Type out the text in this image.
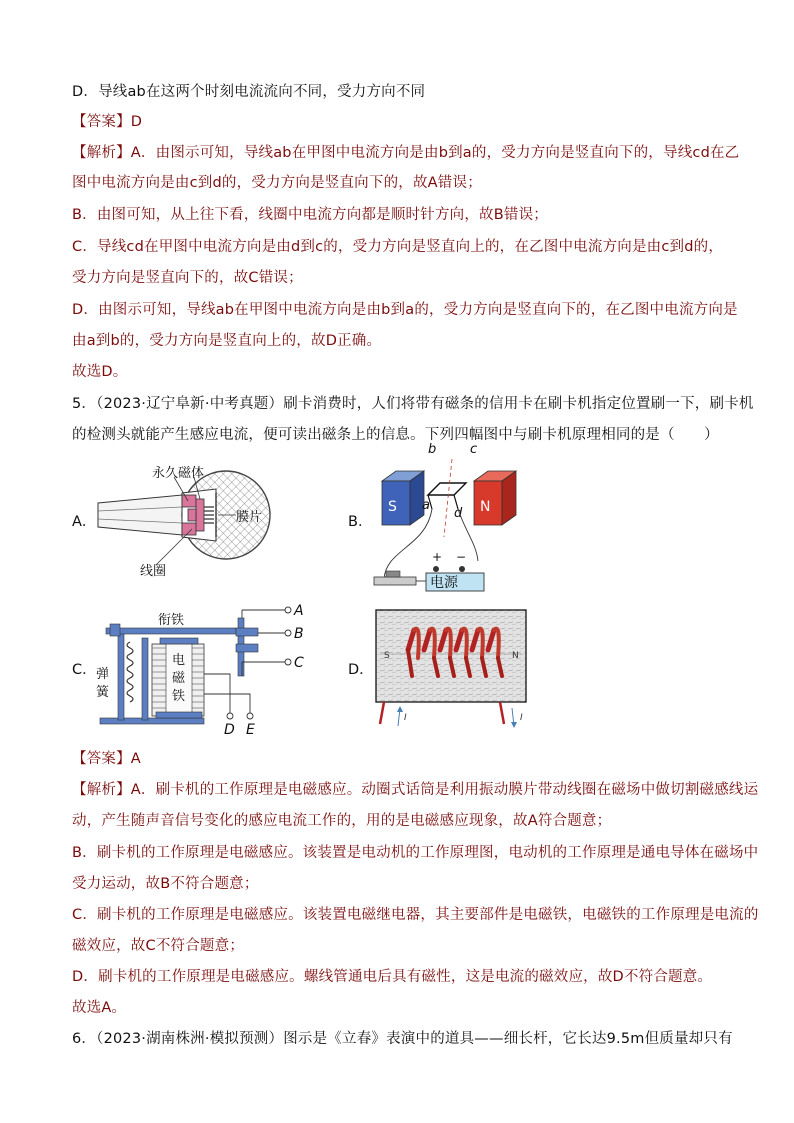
D．导线ab在这两个时刻电流流向不同，受力方向不同
【答案】D
【解析】A．由图示可知，导线ab在甲图中电流方向是由b到a的，受力方向是竖直向下的，导线cd在乙
图中电流方向是由c到d的，受力方向是竖直向下的，故A错误；
B．由图可知，从上往下看，线圈中电流方向都是顺时针方向，故B错误；
C．导线cd在甲图中电流方向是由d到c的，受力方向是竖直向上的，在乙图中电流方向是由c到d的，
受力方向是竖直向下的，故C错误；
D．由图示可知，导线ab在甲图中电流方向是由b到a的，受力方向是竖直向下的，在乙图中电流方向是
由a到b的，受力方向是竖直向上的，故D正确。
故选D。
5．（2023·辽宁阜新·中考真题）刷卡消费时，人们将带有磁条的信用卡在刷卡机指定位置刷一下，刷卡机
的检测头就能产生感应电流，便可读出磁条上的信息。下列四幅图中与刷卡机原理相同的是（　　）
A．	B．
C．	D．
永久磁体
膜片
线圈
S	N
b	c
a
d
+ −
电源
衔铁
弹
簧
电
磁
铁
A
B
C
D E
S	N
I	I
【答案】A
【解析】A．刷卡机的工作原理是电磁感应。动圈式话筒是利用振动膜片带动线圈在磁场中做切割磁感线运
动，产生随声音信号变化的感应电流工作的，用的是电磁感应现象，故A符合题意；
B．刷卡机的工作原理是电磁感应。该装置是电动机的工作原理图，电动机的工作原理是通电导体在磁场中
受力运动，故B不符合题意；
C．刷卡机的工作原理是电磁感应。该装置电磁继电器，其主要部件是电磁铁，电磁铁的工作原理是电流的
磁效应，故C不符合题意；
D．刷卡机的工作原理是电磁感应。螺线管通电后具有磁性，这是电流的磁效应，故D不符合题意。
故选A。
6．（2023·湖南株洲·模拟预测）图示是《立春》表演中的道具——细长杆，它长达9.5m但质量却只有
